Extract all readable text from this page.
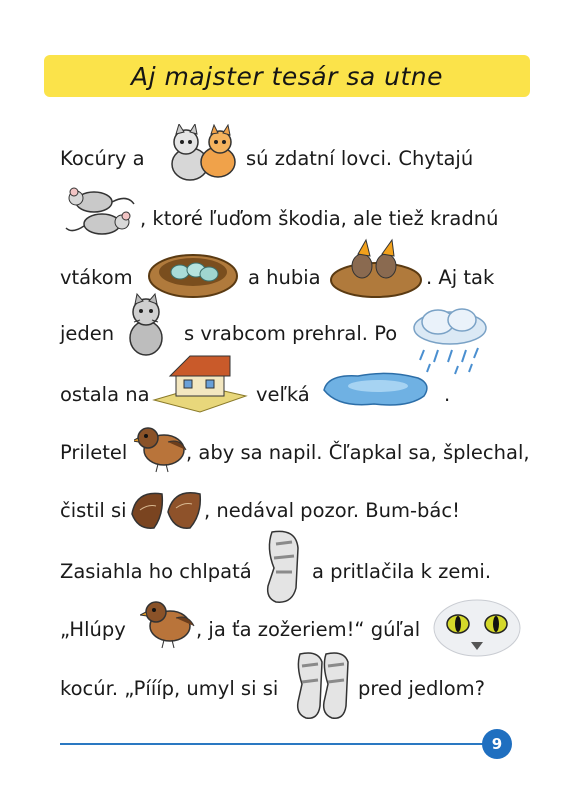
Aj majster tesár sa utne
Kocúry a	sú zdatní lovci. Chytajú
, ktoré ľuďom škodia, ale tiež kradnú
vtákom	a hubia	. Aj tak
jeden	s vrabcom prehral. Po
ostala na	veľká	.
Priletel	, aby sa napil. Čľapkal sa, šplechal,
čistil si	, nedával pozor. Bum-bác!
Zasiahla ho chlpatá	a pritlačila k zemi.
„Hlúpy	, ja ťa zožeriem!“ gúľal
kocúr. „Píííp, umyl si si	pred jedlom?
9
